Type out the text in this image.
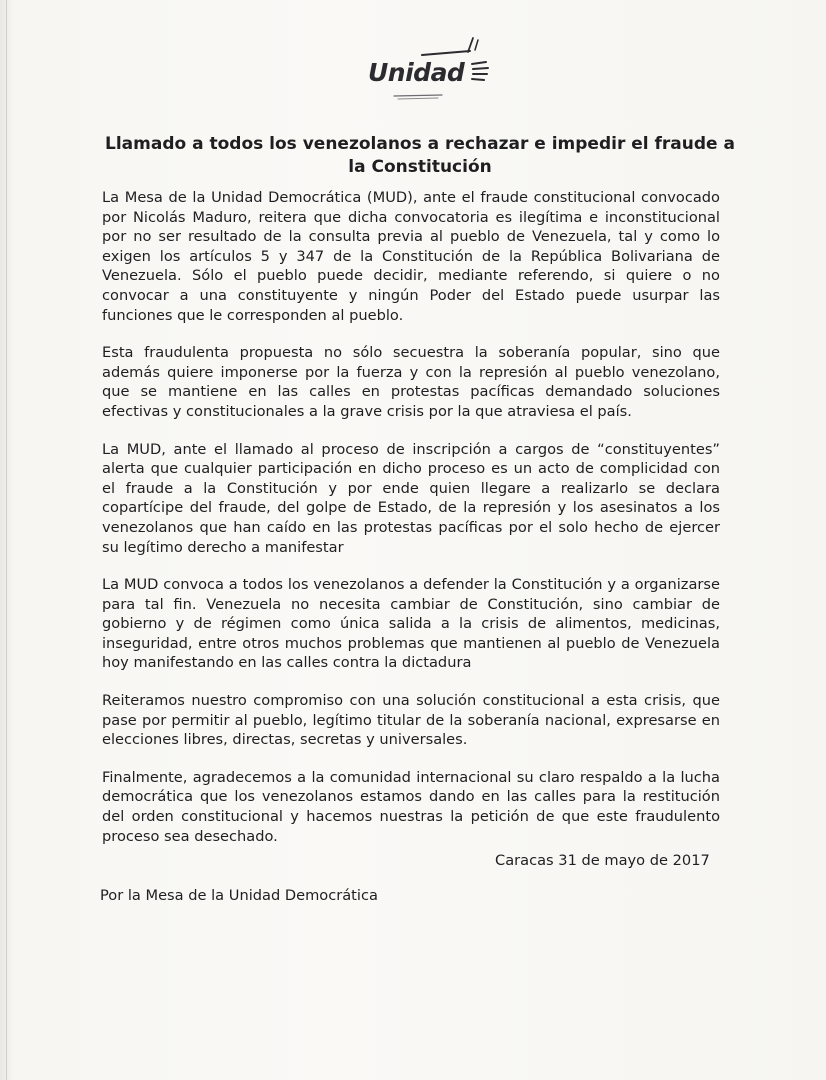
Unidad
Llamado a todos los venezolanos a rechazar e impedir el fraude a la Constitución

La Mesa de la Unidad Democrática (MUD), ante el fraude constitucional convocado por Nicolás Maduro, reitera que dicha convocatoria es ilegítima e inconstitucional por no ser resultado de la consulta previa al pueblo de Venezuela, tal y como lo exigen los artículos 5 y 347 de la Constitución de la República Bolivariana de Venezuela. Sólo el pueblo puede decidir, mediante referendo, si quiere o no convocar a una constituyente y ningún Poder del Estado puede usurpar las funciones que le corresponden al pueblo.

Esta fraudulenta propuesta no sólo secuestra la soberanía popular, sino que además quiere imponerse por la fuerza y con la represión al pueblo venezolano, que se mantiene en las calles en protestas pacíficas demandado soluciones efectivas y constitucionales a la grave crisis por la que atraviesa el país.

La MUD, ante el llamado al proceso de inscripción a cargos de “constituyentes” alerta que cualquier participación en dicho proceso es un acto de complicidad con el fraude a la Constitución y por ende quien llegare a realizarlo se declara copartícipe del fraude, del golpe de Estado, de la represión y los asesinatos a los venezolanos que han caído en las protestas pacíficas por el solo hecho de ejercer su legítimo derecho a manifestar

La MUD convoca a todos los venezolanos a defender la Constitución y a organizarse para tal fin. Venezuela no necesita cambiar de Constitución, sino cambiar de gobierno y de régimen como única salida a la crisis de alimentos, medicinas, inseguridad, entre otros muchos problemas que mantienen al pueblo de Venezuela hoy manifestando en las calles contra la dictadura

Reiteramos nuestro compromiso con una solución constitucional a esta crisis, que pase por permitir al pueblo, legítimo titular de la soberanía nacional, expresarse en elecciones libres, directas, secretas y universales.

Finalmente, agradecemos a la comunidad internacional su claro respaldo a la lucha democrática que los venezolanos estamos dando en las calles para la restitución del orden constitucional y hacemos nuestras la petición de que este fraudulento proceso sea desechado.

Caracas 31 de mayo de 2017

Por la Mesa de la Unidad Democrática
